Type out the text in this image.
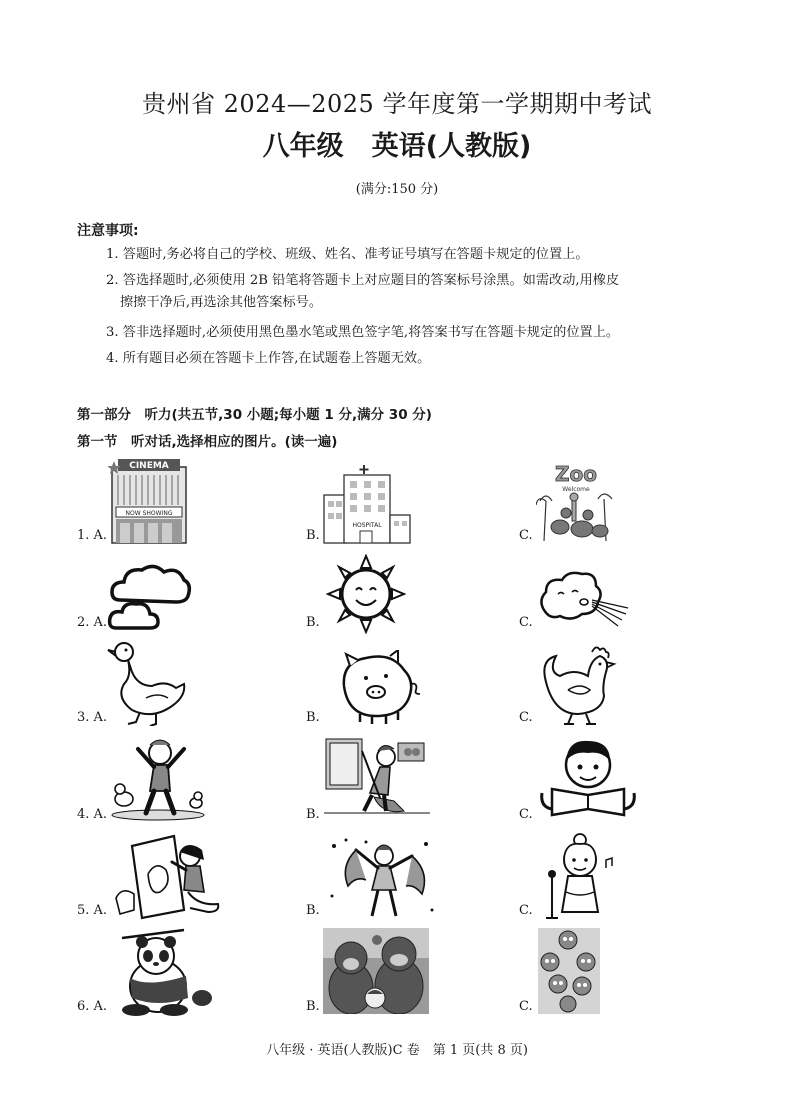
贵州省 2024—2025 学年度第一学期期中考试
八年级 英语(人教版)
(满分:150 分)
注意事项:
1. 答题时,务必将自己的学校、班级、姓名、准考证号填写在答题卡规定的位置上。
2. 答选择题时,必须使用 2B 铅笔将答题卡上对应题目的答案标号涂黑。如需改动,用橡皮
擦擦干净后,再选涂其他答案标号。
3. 答非选择题时,必须使用黑色墨水笔或黑色签字笔,将答案书写在答题卡规定的位置上。
4. 所有题目必须在答题卡上作答,在试题卷上答题无效。
第一部分　听力(共五节,30 小题;每小题 1 分,满分 30 分)
第一节　听对话,选择相应的图片。(读一遍)
CINEMA
NOW SHOWING
HOSPITAL
Zoo
Welcome
1. A.	B.	C.
2. A.	B.	C.
3. A.	B.	C.
4. A.	B.	C.
5. A.	B.	C.
6. A.	B.	C.
八年级 · 英语(人教版)C 卷　第 1 页(共 8 页)
